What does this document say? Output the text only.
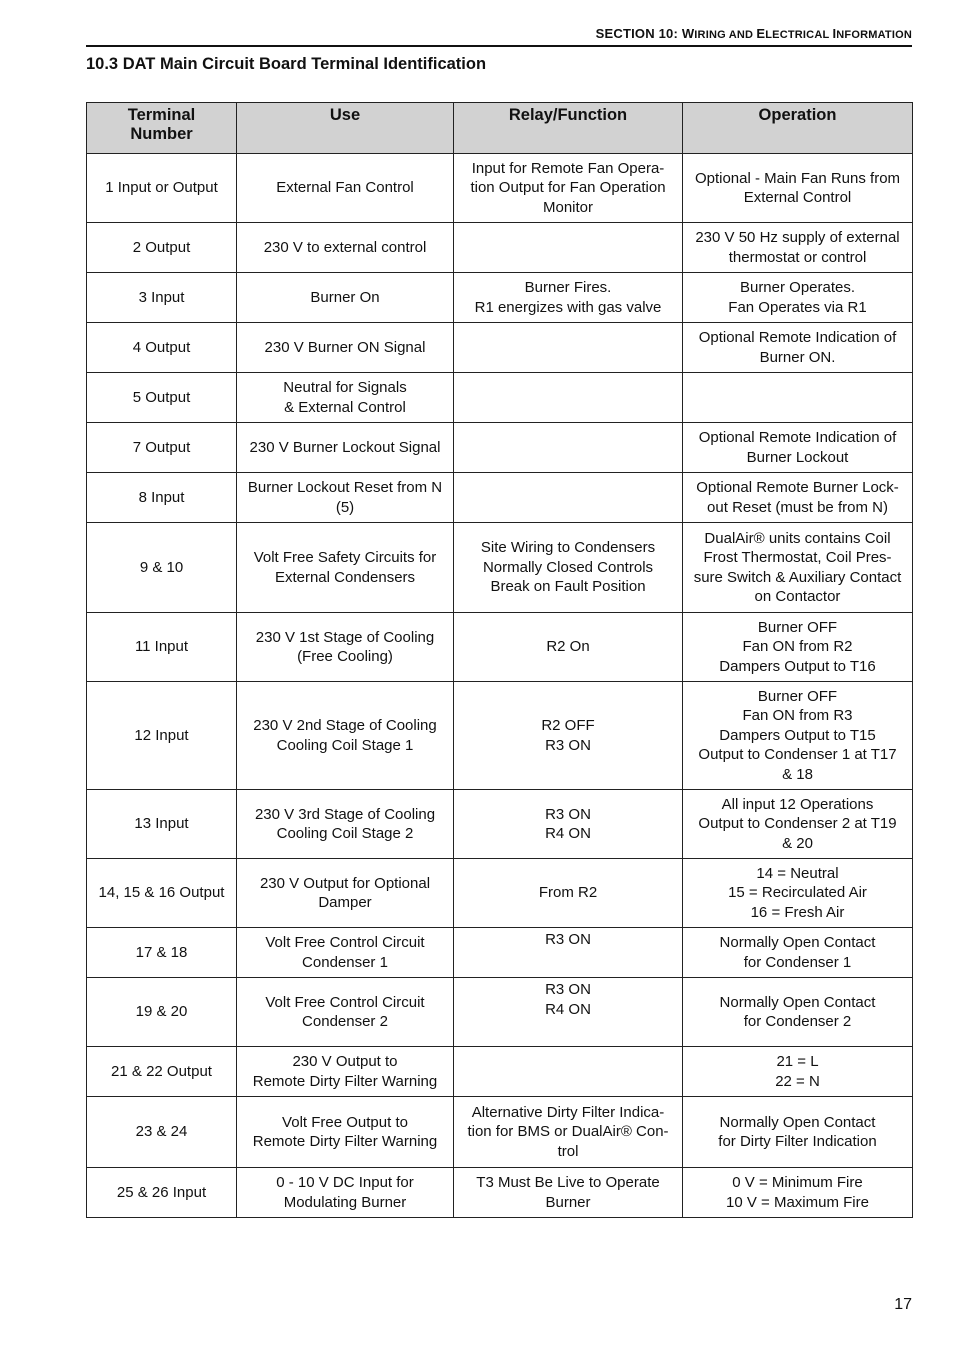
SECTION 10: WIRING AND ELECTRICAL INFORMATION
10.3 DAT Main Circuit Board Terminal Identification
Terminal
Number	Use	Relay/Function	Operation

1 Input or Output	External Fan Control	Input for Remote Fan Opera-
tion Output for Fan Operation
Monitor	Optional - Main Fan Runs from
External Control

2 Output	230 V to external control		230 V 50 Hz supply of external
thermostat or control

3 Input	Burner On	Burner Fires.
R1 energizes with gas valve	Burner Operates.
Fan Operates via R1

4 Output	230 V Burner ON Signal		Optional Remote Indication of
Burner ON.

5 Output	Neutral for Signals
& External Control		

7 Output	230 V Burner Lockout Signal		Optional Remote Indication of
Burner Lockout

8 Input	Burner Lockout Reset from N
(5)		Optional Remote Burner Lock-
out Reset (must be from N)

9 & 10	Volt Free Safety Circuits for
External Condensers	Site Wiring to Condensers
Normally Closed Controls
Break on Fault Position	DualAir® units contains Coil
Frost Thermostat, Coil Pres-
sure Switch & Auxiliary Contact
on Contactor

11 Input	230 V 1st Stage of Cooling
(Free Cooling)	R2 On	Burner OFF
Fan ON from R2
Dampers Output to T16

12 Input	230 V 2nd Stage of Cooling
Cooling Coil Stage 1	R2 OFF
R3 ON	Burner OFF
Fan ON from R3
Dampers Output to T15
Output to Condenser 1 at T17
& 18

13 Input	230 V 3rd Stage of Cooling
Cooling Coil Stage 2	R3 ON
R4 ON	All input 12 Operations
Output to Condenser 2 at T19
& 20

14, 15 & 16 Output	230 V Output for Optional
Damper	From R2	14 = Neutral
15 = Recirculated Air
16 = Fresh Air

17 & 18	Volt Free Control Circuit
Condenser 1	R3 ON	Normally Open Contact
for Condenser 1

19 & 20	Volt Free Control Circuit
Condenser 2	R3 ON
R4 ON	Normally Open Contact
for Condenser 2

21 & 22 Output	230 V Output to
Remote Dirty Filter Warning		21 = L
22 = N

23 & 24	Volt Free Output to
Remote Dirty Filter Warning	Alternative Dirty Filter Indica-
tion for BMS or DualAir® Con-
trol	Normally Open Contact
for Dirty Filter Indication

25 & 26 Input	0 - 10 V DC Input for
Modulating Burner	T3 Must Be Live to Operate
Burner	0 V = Minimum Fire
10 V = Maximum Fire
17
